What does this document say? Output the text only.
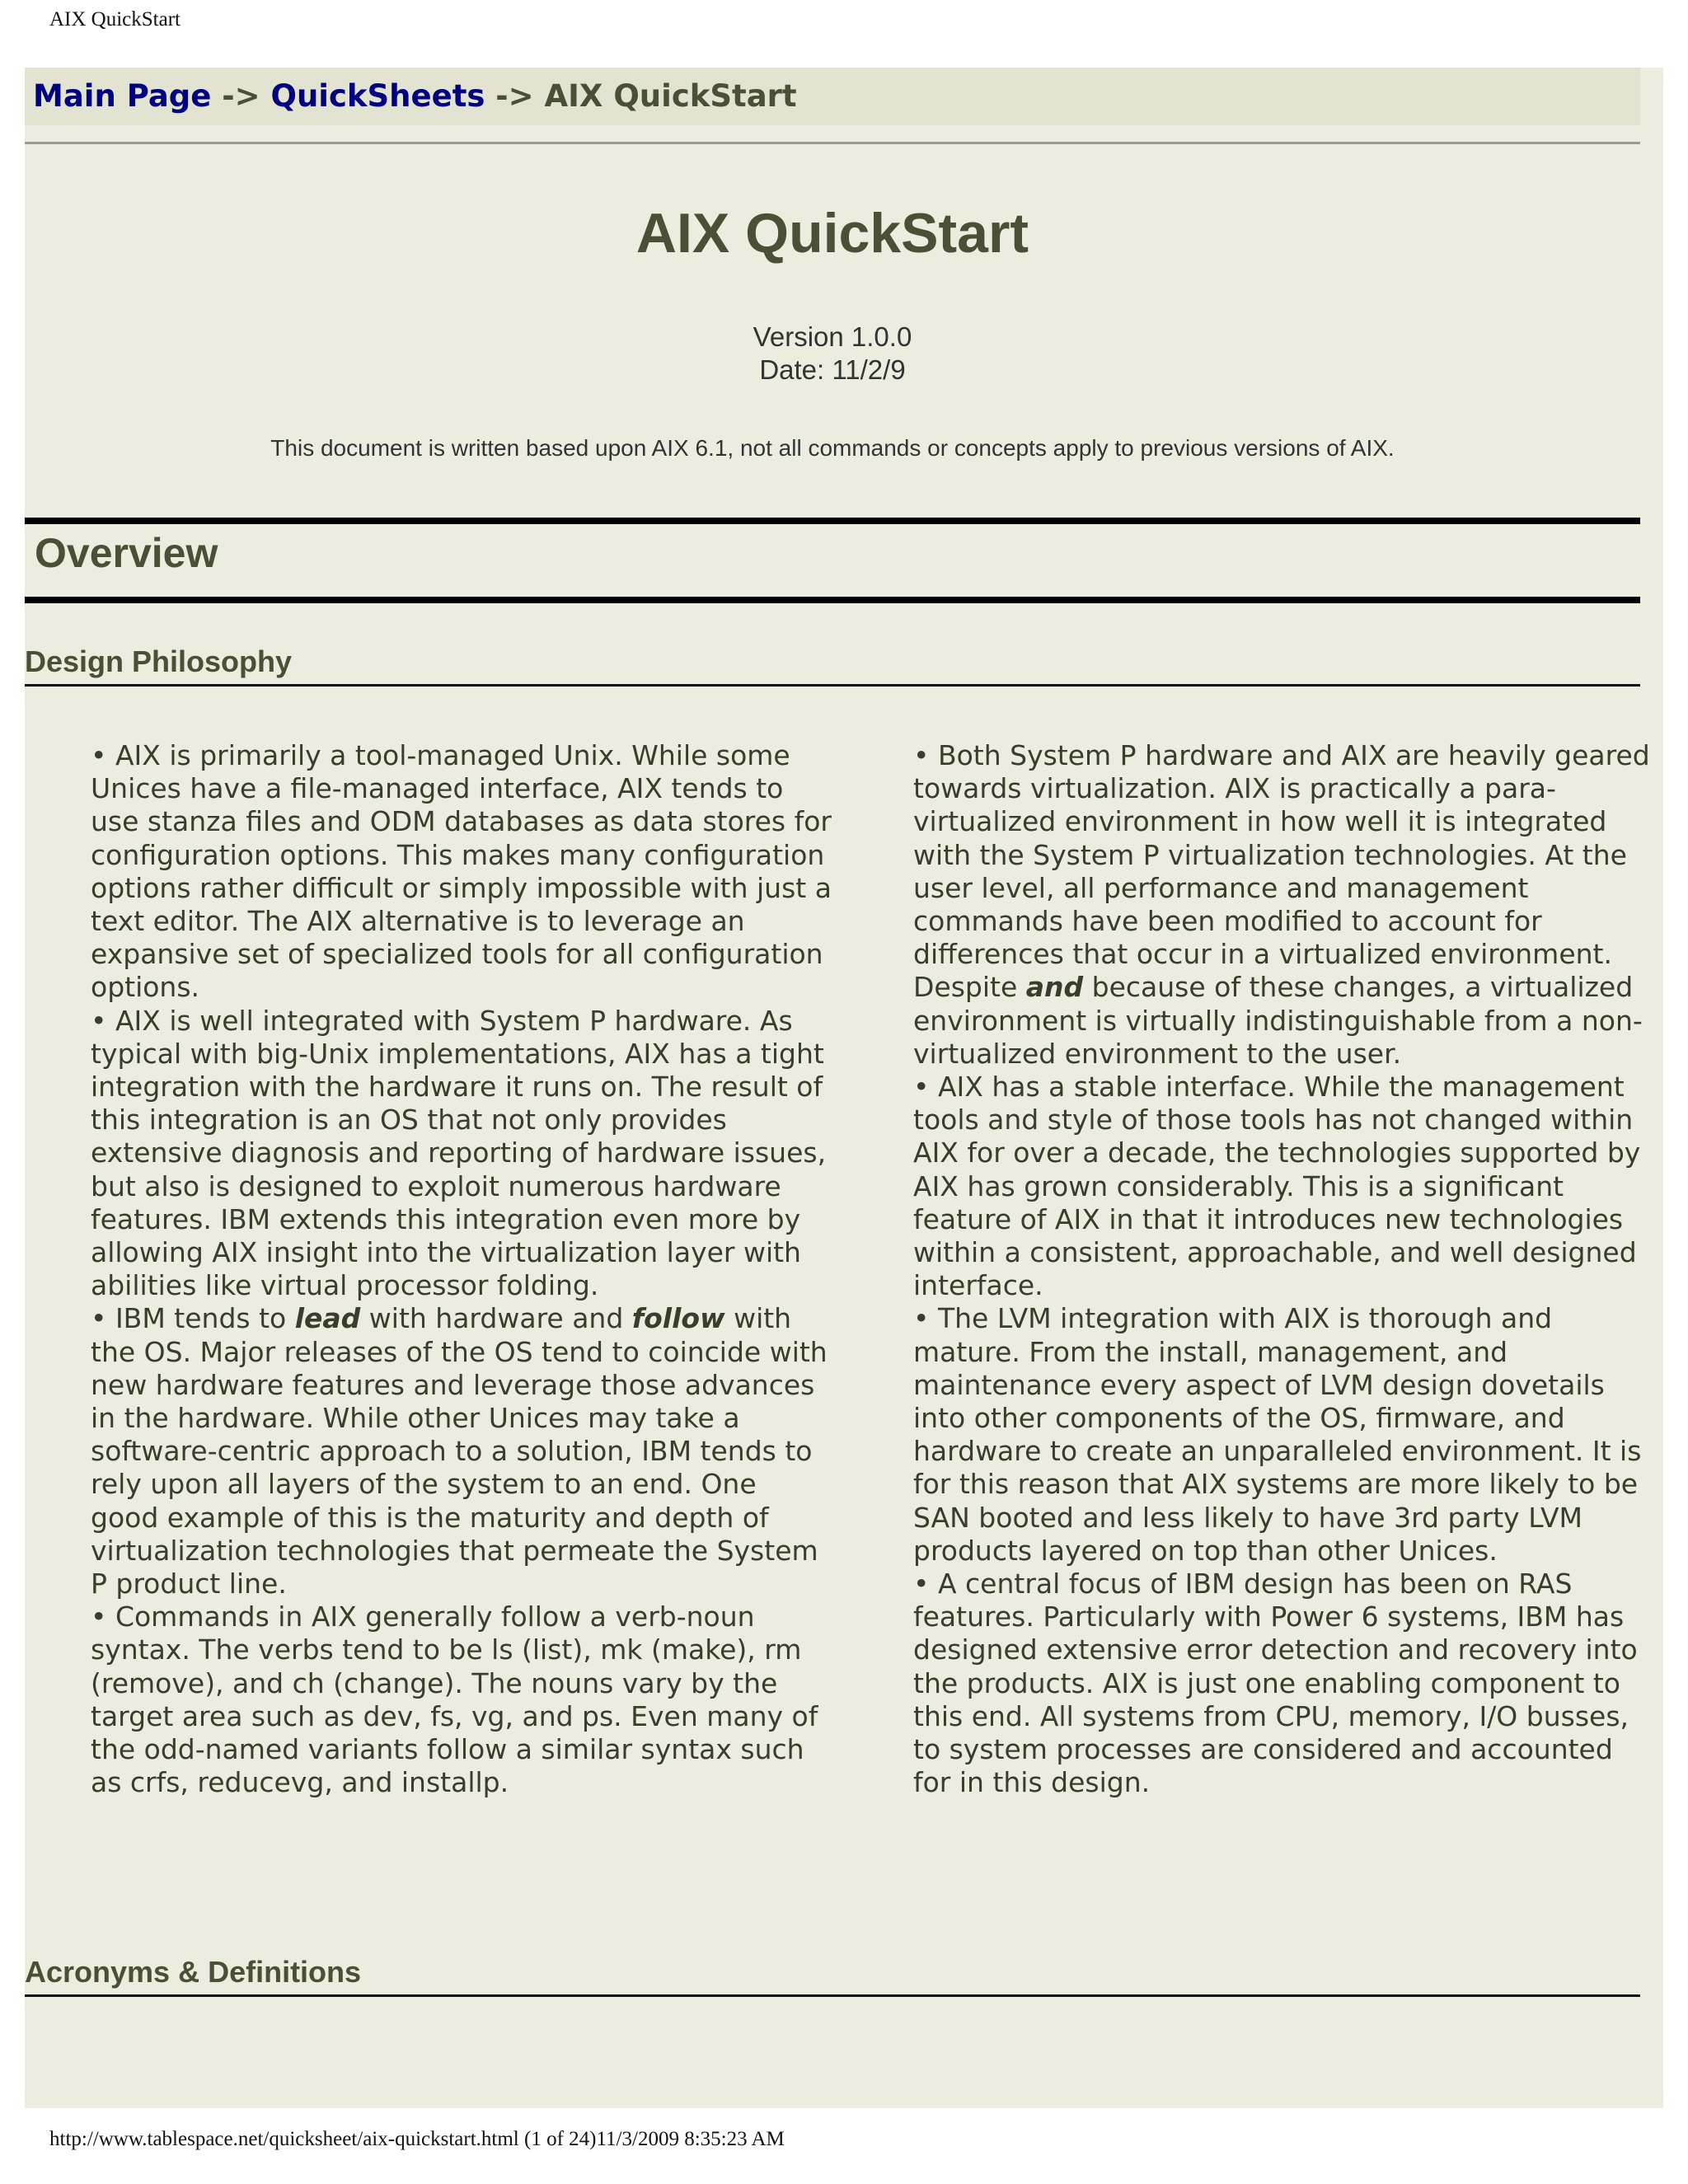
AIX QuickStart
Main Page -> QuickSheets -> AIX QuickStart
AIX QuickStart
Version 1.0.0
Date: 11/2/9
This document is written based upon AIX 6.1, not all commands or concepts apply to previous versions of AIX.
Overview
Design Philosophy
• AIX is primarily a tool-managed Unix. While some Unices have a file-managed interface, AIX tends to use stanza files and ODM databases as data stores for configuration options. This makes many configuration options rather difficult or simply impossible with just a text editor. The AIX alternative is to leverage an expansive set of specialized tools for all configuration options.
• AIX is well integrated with System P hardware. As typical with big-Unix implementations, AIX has a tight integration with the hardware it runs on. The result of this integration is an OS that not only provides extensive diagnosis and reporting of hardware issues, but also is designed to exploit numerous hardware features. IBM extends this integration even more by allowing AIX insight into the virtualization layer with abilities like virtual processor folding.
• IBM tends to lead with hardware and follow with the OS. Major releases of the OS tend to coincide with new hardware features and leverage those advances in the hardware. While other Unices may take a software-centric approach to a solution, IBM tends to rely upon all layers of the system to an end. One good example of this is the maturity and depth of virtualization technologies that permeate the System P product line.
• Commands in AIX generally follow a verb-noun syntax. The verbs tend to be ls (list), mk (make), rm (remove), and ch (change). The nouns vary by the target area such as dev, fs, vg, and ps. Even many of the odd-named variants follow a similar syntax such as crfs, reducevg, and installp.
• Both System P hardware and AIX are heavily geared towards virtualization. AIX is practically a para-virtualized environment in how well it is integrated with the System P virtualization technologies. At the user level, all performance and management commands have been modified to account for differences that occur in a virtualized environment. Despite and because of these changes, a virtualized environment is virtually indistinguishable from a non-virtualized environment to the user.
• AIX has a stable interface. While the management tools and style of those tools has not changed within AIX for over a decade, the technologies supported by AIX has grown considerably. This is a significant feature of AIX in that it introduces new technologies within a consistent, approachable, and well designed interface.
• The LVM integration with AIX is thorough and mature. From the install, management, and maintenance every aspect of LVM design dovetails into other components of the OS, firmware, and hardware to create an unparalleled environment. It is for this reason that AIX systems are more likely to be SAN booted and less likely to have 3rd party LVM products layered on top than other Unices.
• A central focus of IBM design has been on RAS features. Particularly with Power 6 systems, IBM has designed extensive error detection and recovery into the products. AIX is just one enabling component to this end. All systems from CPU, memory, I/O busses, to system processes are considered and accounted for in this design.
Acronyms & Definitions
http://www.tablespace.net/quicksheet/aix-quickstart.html (1 of 24)11/3/2009 8:35:23 AM
